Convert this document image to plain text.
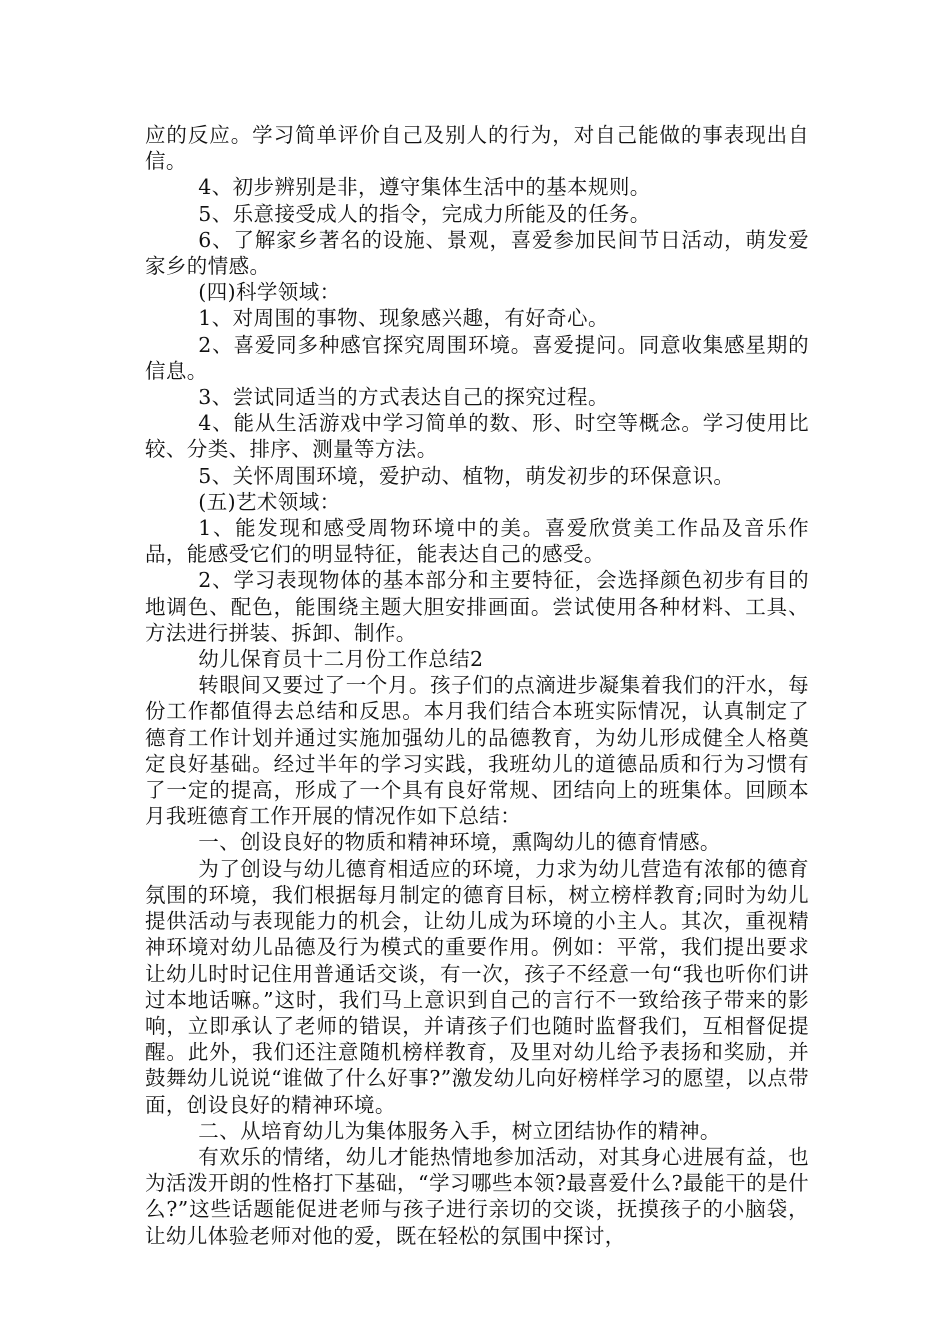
应的反应。学习简单评价自己及别人的行为，对自己能做的事表现出自信。

4、初步辨别是非，遵守集体生活中的基本规则。

5、乐意接受成人的指令，完成力所能及的任务。

6、了解家乡著名的设施、景观，喜爱参加民间节日活动，萌发爱家乡的情感。

(四)科学领域：

1、对周围的事物、现象感兴趣，有好奇心。

2、喜爱同多种感官探究周围环境。喜爱提问。同意收集感星期的信息。

3、尝试同适当的方式表达自己的探究过程。

4、能从生活游戏中学习简单的数、形、时空等概念。学习使用比较、分类、排序、测量等方法。

5、关怀周围环境，爱护动、植物，萌发初步的环保意识。

(五)艺术领域：

1、能发现和感受周物环境中的美。喜爱欣赏美工作品及音乐作品，能感受它们的明显特征，能表达自己的感受。

2、学习表现物体的基本部分和主要特征，会选择颜色初步有目的地调色、配色，能围绕主题大胆安排画面。尝试使用各种材料、工具、方法进行拼装、拆卸、制作。

幼儿保育员十二月份工作总结2

转眼间又要过了一个月。孩子们的点滴进步凝集着我们的汗水，每份工作都值得去总结和反思。本月我们结合本班实际情况，认真制定了德育工作计划并通过实施加强幼儿的品德教育，为幼儿形成健全人格奠定良好基础。经过半年的学习实践，我班幼儿的道德品质和行为习惯有了一定的提高，形成了一个具有良好常规、团结向上的班集体。回顾本月我班德育工作开展的情况作如下总结：

一、创设良好的物质和精神环境，熏陶幼儿的德育情感。

为了创设与幼儿德育相适应的环境，力求为幼儿营造有浓郁的德育氛围的环境，我们根据每月制定的德育目标，树立榜样教育;同时为幼儿提供活动与表现能力的机会，让幼儿成为环境的小主人。其次，重视精神环境对幼儿品德及行为模式的重要作用。例如：平常，我们提出要求让幼儿时时记住用普通话交谈，有一次，孩子不经意一句“我也听你们讲过本地话嘛。”这时，我们马上意识到自己的言行不一致给孩子带来的影响，立即承认了老师的错误，并请孩子们也随时监督我们，互相督促提醒。此外，我们还注意随机榜样教育，及里对幼儿给予表扬和奖励，并鼓舞幼儿说说“谁做了什么好事?”激发幼儿向好榜样学习的愿望，以点带面，创设良好的精神环境。

二、从培育幼儿为集体服务入手，树立团结协作的精神。

有欢乐的情绪，幼儿才能热情地参加活动，对其身心进展有益，也为活泼开朗的性格打下基础，“学习哪些本领?最喜爱什么?最能干的是什么?”这些话题能促进老师与孩子进行亲切的交谈，抚摸孩子的小脑袋，让幼儿体验老师对他的爱，既在轻松的氛围中探讨，
